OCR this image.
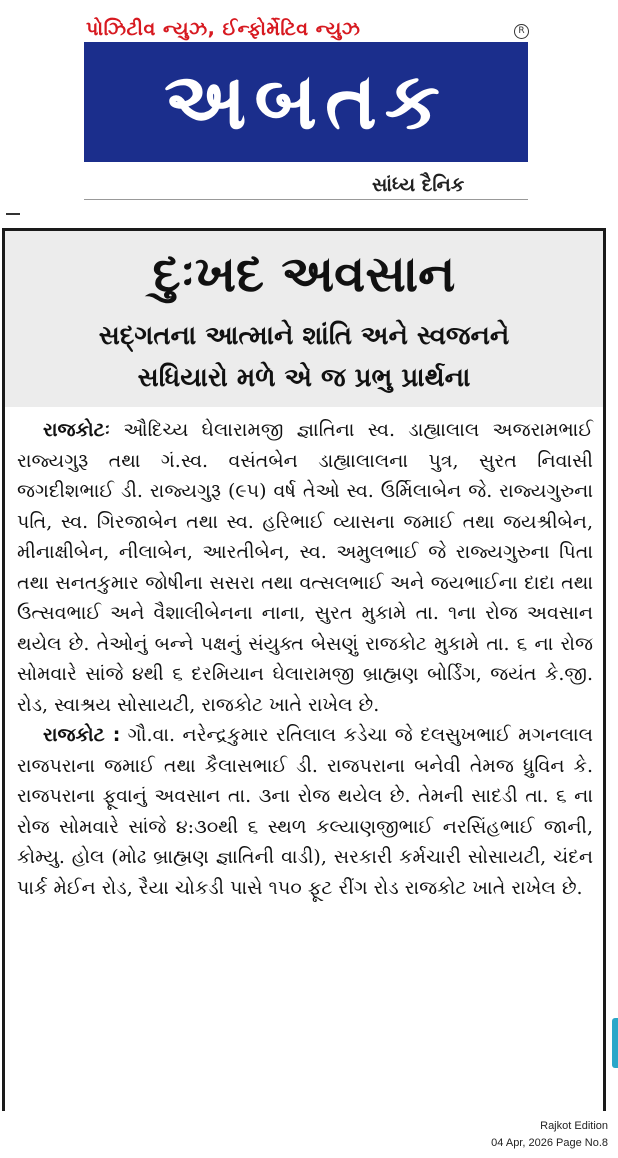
પોઝિટીવ ન્યુઝ, ઈન્ફોર્મેટિવ ન્યુઝ	R
અબતક
સાંધ્ય દૈનિક
દુઃખદ અવસાન
સદ્ગતના આત્માને શાંતિ અને સ્વજનને
સધિયારો મળે એ જ પ્રભુ પ્રાર્થના

રાજકોટઃ ઔદિચ્ય ઘેલારામજી જ્ઞાતિના સ્વ. ડાહ્યાલાલ અજરામભાઈ રાજ્યગુરૂ તથા ગં.સ્વ. વસંતબેન ડાહ્યાલાલના પુત્ર, સુરત નિવાસી જગદીશભાઈ ડી. રાજ્યગુરૂ (૯૫) વર્ષ તેઓ સ્વ. ઉર્મિલાબેન જે. રાજ્યગુરુના પતિ, સ્વ. ગિરજાબેન તથા સ્વ. હરિભાઈ વ્યાસના જમાઈ તથા જયશ્રીબેન, મીનાક્ષીબેન, નીલાબેન, આરતીબેન, સ્વ. અમુલભાઈ જે રાજ્યગુરુના પિતા તથા સનતકુમાર જોષીના સસરા તથા વત્સલભાઈ અને જયભાઈના દાદા તથા ઉત્સવભાઈ અને વૈશાલીબેનના નાના, સુરત મુકામે તા. ૧ના રોજ અવસાન થયેલ છે. તેઓનું બન્ને પક્ષનું સંયુક્ત બેસણું રાજકોટ મુકામે તા. ૬ ના રોજ સોમવારે સાંજે ૪થી ૬ દરમિયાન ઘેલારામજી બ્રાહ્મણ બોર્ડિંગ, જયંત કે.જી. રોડ, સ્વાશ્રય સોસાયટી, રાજકોટ ખાતે રાખેલ છે.

રાજકોટ : ગૌ.વા. નરેન્દ્રકુમાર રતિલાલ કડેચા જે દલસુખભાઈ મગનલાલ રાજપરાના જમાઈ તથા કૈલાસભાઈ ડી. રાજપરાના બનેવી તેમજ ધ્રુવિન કે. રાજપરાના ફૂવાનું અવસાન તા. ૩ના રોજ થયેલ છે. તેમની સાદડી તા. ૬ ના રોજ સોમવારે સાંજે ૪:૩૦થી ૬ સ્થળ કલ્યાણજીભાઈ નરસિંહભાઈ જાની, કોમ્યુ. હોલ (મોઢ બ્રાહ્મણ જ્ઞાતિની વાડી), સરકારી કર્મચારી સોસાયટી, ચંદન પાર્ક મેઈન રોડ, રૈયા ચોકડી પાસે ૧૫૦ ફૂટ રીંગ રોડ રાજકોટ ખાતે રાખેલ છે.

Rajkot Edition
04 Apr, 2026 Page No.8
